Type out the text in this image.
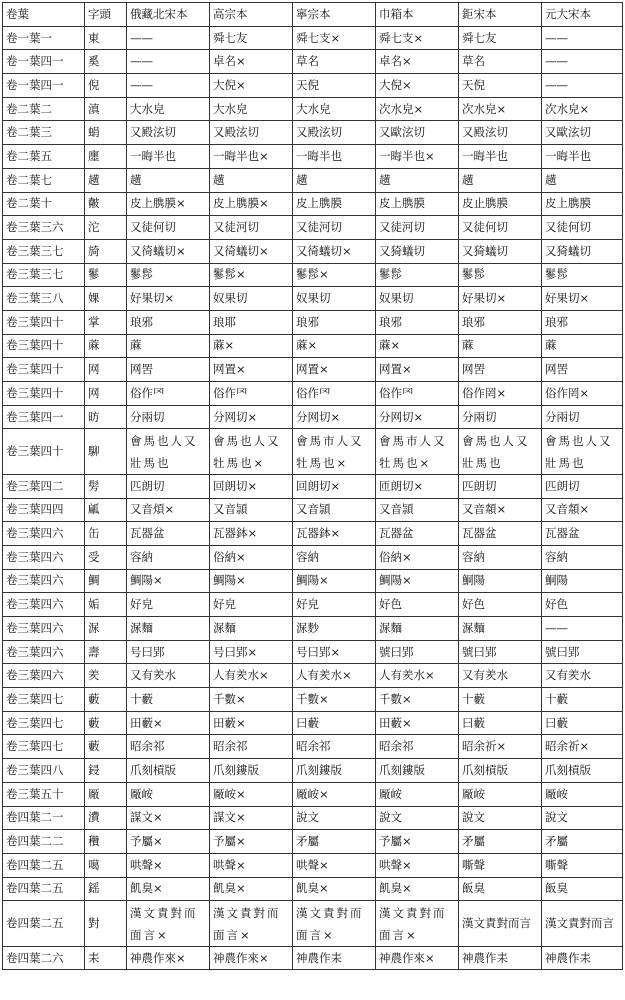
卷葉	字頭	俄藏北宋本	高宗本	寧宗本	巾箱本	鉅宋本	元大宋本
卷一葉一	東	——	舜七友	舜七支×	舜七支×	舜七友	——
卷一葉四一	奚	——	卓名×	草名	卓名×	草名	——
卷一葉四一	倪	——	大倪×	天倪	大倪×	天倪	——
卷二葉二	滇	大水皃	大水皃	大水皃	次水皃×	次水皃×	次水皃×
卷二葉三	蜎	又殿泫切	又殿泫切	又殿泫切	又歐泫切	又殿泫切	又歐泫切
卷二葉五	廛	一晦半也	一晦半也×	一晦半也	一晦半也×	一晦半也	一晦半也
卷二葉七	趪	趪	趪	趪	趪	趪	趪
卷二葉十	皾	皮上䐪膜×	皮上䐪膜×	皮上䐪膜	皮上䐪膜	皮止䐪膜	皮上䐪膜
卷三葉三六	沱	又徒何切	又徒河切	又徒河切	又徒河切	又徒何切	又徒何切
卷三葉三七	旑	又徛蟻切×	又徛蟻切×	又徛蟻切×	又猗蟻切	又猗蟻切	又猗蟻切
卷三葉三七	鬖	鬖髿	鬖髿×	鬖髿×	鬖髿	鬖髿	鬖髿
卷三葉三八	婐	好果切×	奴果切	奴果切	奴果切	好果切×	好果切×
卷三葉四十	掌	琅邪	琅耶	琅邪	琅邪	琅邪	琅邪
卷三葉四十	蔴	蔴	蔴×	蔴×	蔴×	蔴	蔴
卷三葉四十	网	网罟	网置×	网置×	网置×	网罟	网罟
卷三葉四十	网	俗作罓	俗作罓	俗作罓	俗作罓	俗作罔×	俗作罔×
卷三葉四一	昉	分兩切	分网切×	分网切×	分网切×	分兩切	分兩切
卷三葉四十	駠	會馬也人又壯馬也	會馬也人又牡馬也×	會馬市人又牡馬也×	會馬市人又牡馬也×	會馬也人又壯馬也	會馬也人又壯馬也
卷三葉四二	髣	匹朗切	回朗切×	回朗切×	匝朗切×	匹朗切	匹朗切
卷三葉四四	㼐	又音煩×	又音頴	又音頴	又音頴	又音頮×	又音頮×
卷三葉四六	缶	瓦器盆	瓦器鉢×	瓦器鉢×	瓦器盆	瓦器盆	瓦器盆
卷三葉四六	受	容納	俗納×	容納	俗納×	容納	容納
卷三葉四六	鯛	鯛陽×	鯛陽×	鯛陽×	鯛陽×	鮦陽	鮦陽
卷三葉四六	姤	好皃	好皃	好皃	好色	好色	好色
卷三葉四六	㳮	㳮麵	㳮麵	㳮麨	㳮麵	㳮麵	——
卷三葉四六	壽	号曰郢	号曰郢×	号曰郢×	號曰郢	號曰郢	號曰郢
卷三葉四六	羑	又有羑水	人有羑水×	人有羑水×	人有羑水×	又有羑水	又有羑水
卷三葉四七	藪	十藪	千數×	千數×	千數×	十藪	十藪
卷三葉四七	藪	田藪×	田藪×	曰藪	田藪×	曰藪	曰藪
卷三葉四七	藪	昭余祁	昭余祁	昭余祁	昭余祁	昭余祈×	昭余祈×
卷三葉四八	鋟	爪刻槓版	爪刻鏤版	爪刻鏤版	爪刻鏤版	爪刻槓版	爪刻槓版
卷三葉五十	厰	厰峖	厰峖×	厰峖×	厰峖	厰峖	厰峖
卷四葉二一	㵒	謀文×	謀文×	說文	說文	說文	說文
卷四葉二二	穳	予屬×	予屬×	矛屬	予屬×	矛屬	矛屬
卷四葉二五	噶	哄聲×	哄聲×	哄聲×	哄聲×	嘶聲	嘶聲
卷四葉二五	鎐	飢臭×	飢臭×	飢臭×	飢臭×	飯臭	飯臭
卷四葉二五	對	漢文責對而面言×	漢文責對而面言×	漢文責對而面言×	漢文責對而面言×	漢文責對而言	漢文責對而言
卷四葉二六	耒	神農作來×	神農作來×	神農作耒	神農作來×	神農作耒	神農作耒
